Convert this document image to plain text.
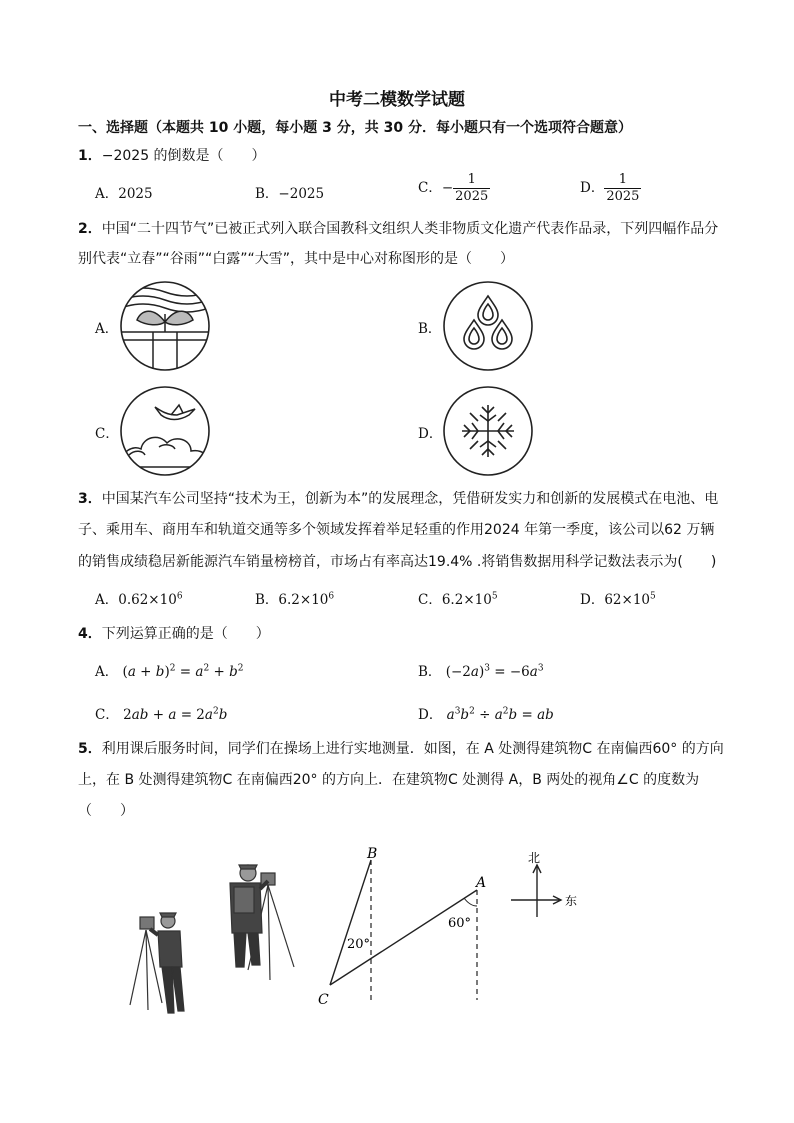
中考二模数学试题
一、选择题（本题共 10 小题，每小题 3 分，共 30 分．每小题只有一个选项符合题意）
1．−2025 的倒数是（　　）
A．2025	B．−2025	C．− $\frac{1}{2025}$	D． $\frac{1}{2025}$
2．中国“二十四节气”已被正式列入联合国教科文组织人类非物质文化遗产代表作品录，下列四幅作品分
别代表“立春”“谷雨”“白露”“大雪”，其中是中心对称图形的是（　　）
A．	B．
C．	D．
3．中国某汽车公司坚持“技术为王，创新为本”的发展理念，凭借研发实力和创新的发展模式在电池、电
子、乘用车、商用车和轨道交通等多个领域发挥着举足轻重的作用2024 年第一季度，该公司以62 万辆
的销售成绩稳居新能源汽车销量榜榜首，市场占有率高达19.4% .将销售数据用科学记数法表示为(　　)
A．$0.62\times 10^6$	B．$6.2\times 10^6$	C．$6.2\times 10^5$	D．$62\times 10^5$
4．下列运算正确的是（　　）
A． $(a + b)^2 = a^2 + b^2$	B． $(-2a)^3 = -6a^3$
C． $2ab + a = 2a^2b$	D． $a^3b^2 \div a^2b$ = ab
5．利用课后服务时间，同学们在操场上进行实地测量．如图，在 A 处测得建筑物C 在南偏西60° 的方向
上，在 B 处测得建筑物C 在南偏西20° 的方向上．在建筑物C 处测得 A，B 两处的视角∠C 的度数为
（　　）
B
A
C
20°
60°
北
东
